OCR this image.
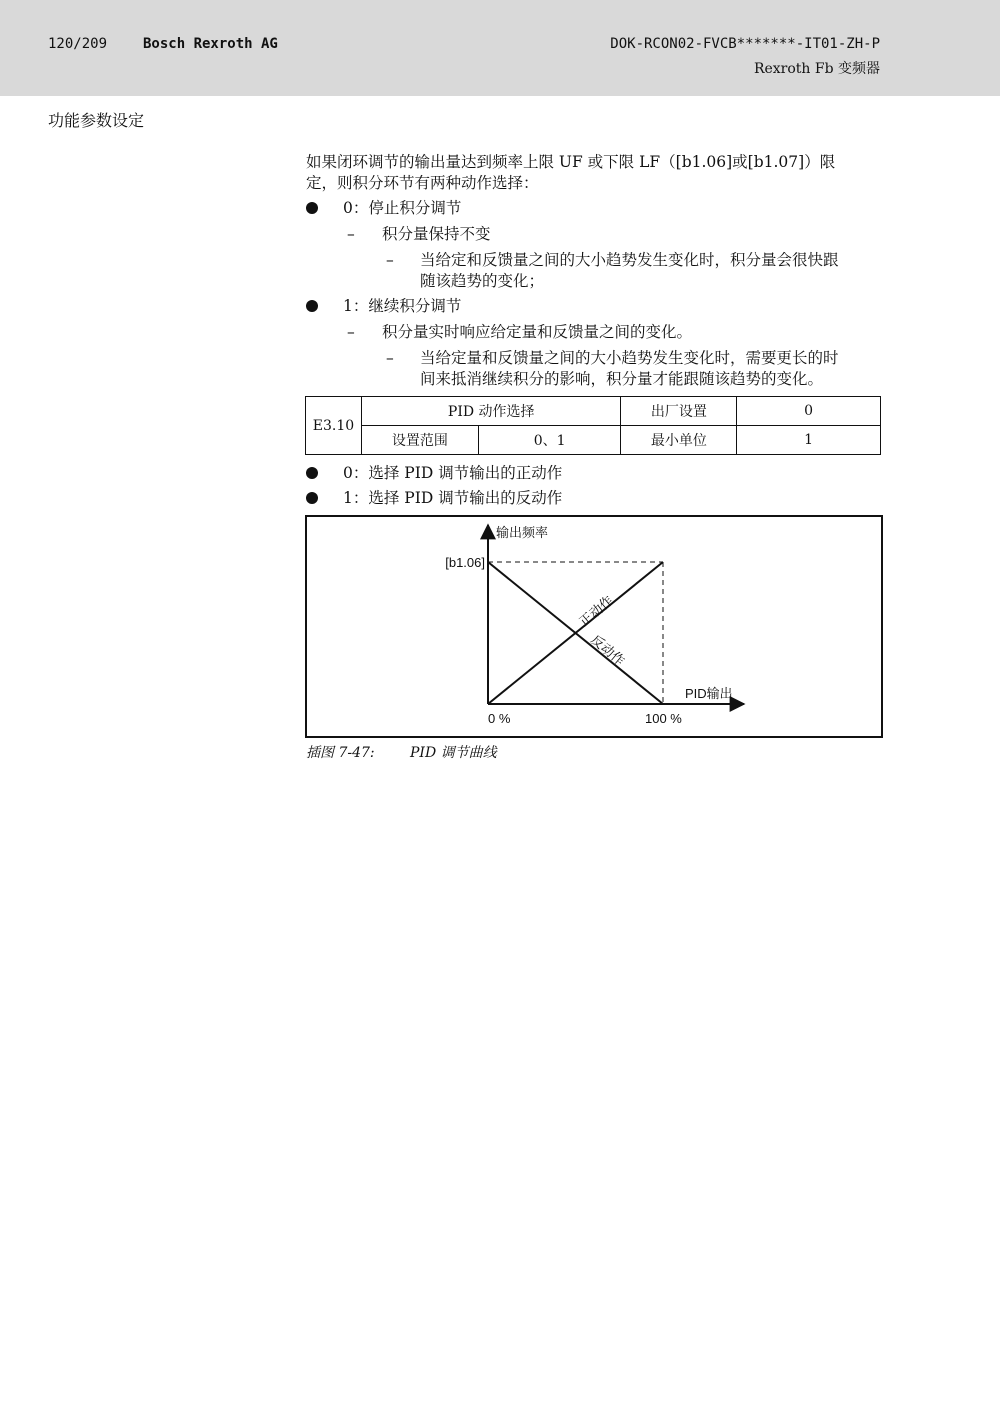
120/209	Bosch Rexroth AG	DOK-RCON02-FVCB*******-IT01-ZH-P
Rexroth Fb 变频器
功能参数设定
如果闭环调节的输出量达到频率上限 UF 或下限 LF（[b1.06]或[b1.07]）限
定，则积分环节有两种动作选择：
0：停止积分调节
– 积分量保持不变
– 当给定和反馈量之间的大小趋势发生变化时，积分量会很快跟
随该趋势的变化；
1：继续积分调节
– 积分量实时响应给定量和反馈量之间的变化。
– 当给定量和反馈量之间的大小趋势发生变化时，需要更长的时
间来抵消继续积分的影响，积分量才能跟随该趋势的变化。
E3.10	PID 动作选择		出厂设置	0
	设置范围	0、1	最小单位	1
0：选择 PID 调节输出的正动作
1：选择 PID 调节输出的反动作
输出频率
PID输出
[b1.06]
0 %	100 %
正动作
反动作
插图 7-47:	PID 调节曲线
